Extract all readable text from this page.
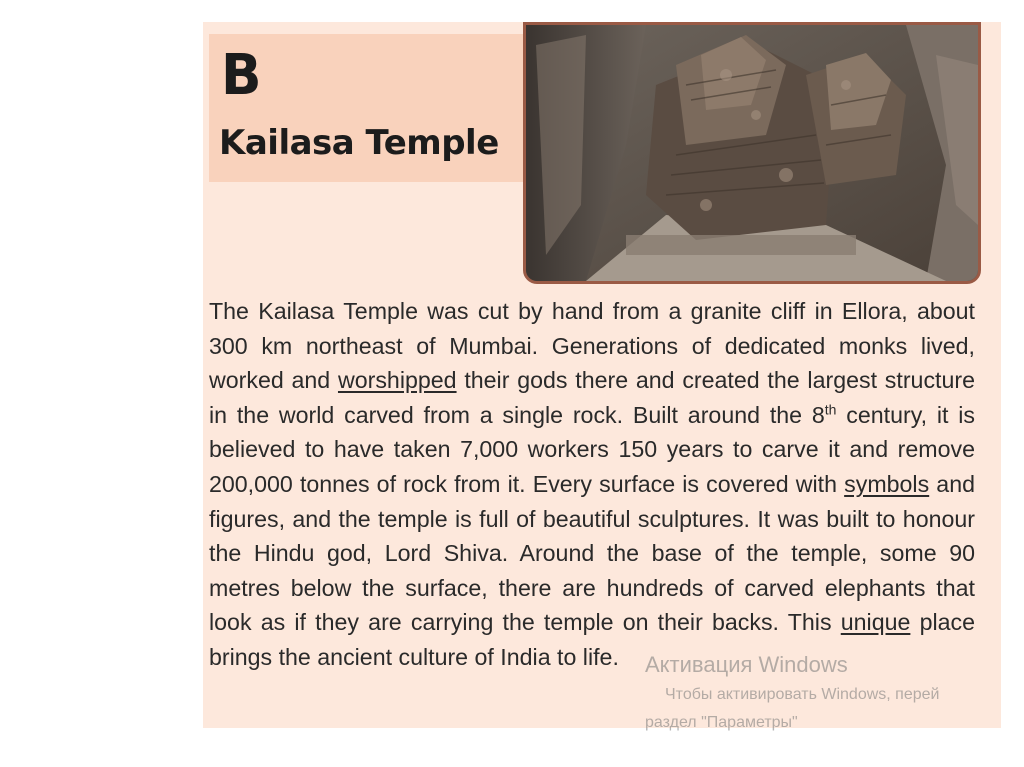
B
Kailasa Temple

The Kailasa Temple was cut by hand from a granite cliff in Ellora, about 300 km northeast of Mumbai. Generations of dedicated monks lived, worked and worshipped their gods there and created the largest structure in the world carved from a single rock. Built around the 8th century, it is believed to have taken 7,000 workers 150 years to carve it and remove 200,000 tonnes of rock from it. Every surface is covered with symbols and figures, and the temple is full of beautiful sculptures. It was built to honour the Hindu god, Lord Shiva. Around the base of the temple, some 90 metres below the surface, there are hundreds of carved elephants that look as if they are carrying the temple on their backs. This unique place brings the ancient culture of India to life.	Активация Windows
Чтобы активировать Windows, перей
раздел "Параметры"
